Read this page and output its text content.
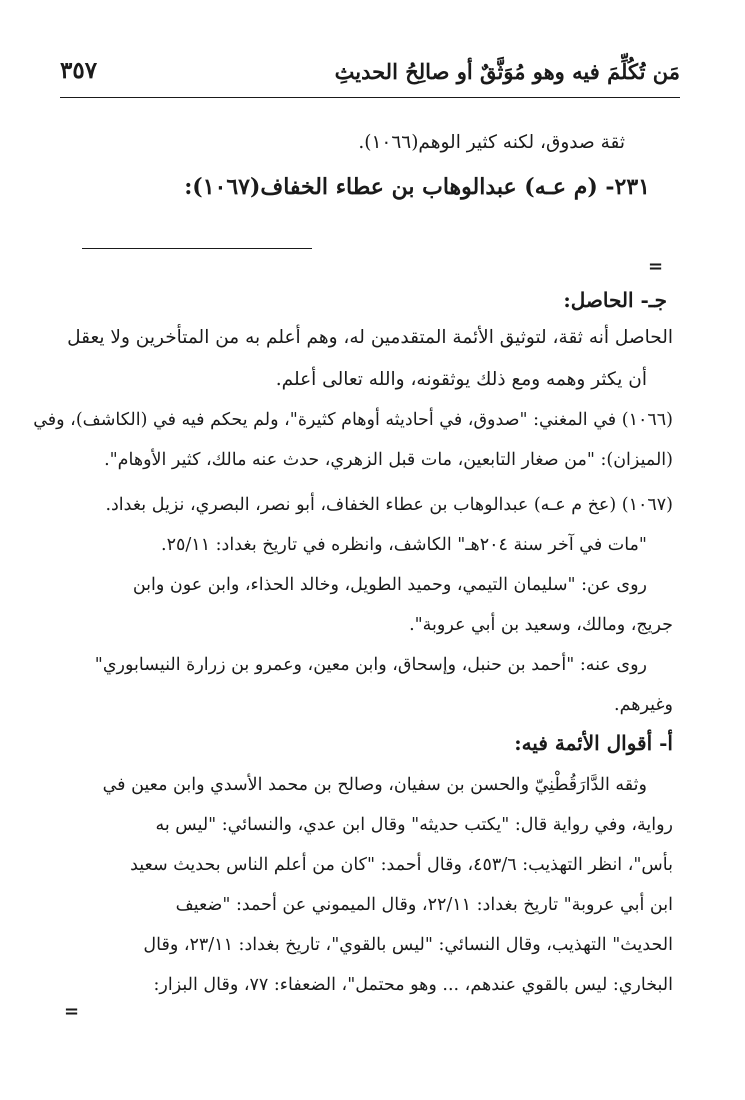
مَن تُكُلِّمَ فيه وهو مُوَثَّقٌ أو صالِحُ الحديثِ
٣٥٧
ثقة صدوق، لكنه كثير الوهم(١٠٦٦).
٢٣١- (م عـه) عبدالوهاب بن عطاء الخفاف(١٠٦٧):
=
جـ- الحاصل:
الحاصل أنه ثقة، لتوثيق الأئمة المتقدمين له، وهم أعلم به من المتأخرين ولا يعقل
أن يكثر وهمه ومع ذلك يوثقونه، والله تعالى أعلم.
(١٠٦٦) في المغني: "صدوق، في أحاديثه أوهام كثيرة"، ولم يحكم فيه في (الكاشف)، وفي
(الميزان): "من صغار التابعين، مات قبل الزهري، حدث عنه مالك، كثير الأوهام".
(١٠٦٧) (عخ م عـه) عبدالوهاب بن عطاء الخفاف، أبو نصر، البصري، نزيل بغداد.
"مات في آخر سنة ٢٠٤هـ" الكاشف، وانظره في تاريخ بغداد: ٢٥/١١.
روى عن: "سليمان التيمي، وحميد الطويل، وخالد الحذاء، وابن عون وابن
جريج، ومالك، وسعيد بن أبي عروبة".
روى عنه: "أحمد بن حنبل، وإسحاق، وابن معين، وعمرو بن زرارة النيسابوري"
وغيرهم.
أ- أقوال الأئمة فيه:
وثقه الدَّارَقُطْنِيّ والحسن بن سفيان، وصالح بن محمد الأسدي وابن معين في
رواية، وفي رواية قال: "يكتب حديثه" وقال ابن عدي، والنسائي: "ليس به
بأس"، انظر التهذيب: ٤٥٣/٦، وقال أحمد: "كان من أعلم الناس بحديث سعيد
ابن أبي عروبة" تاريخ بغداد: ٢٢/١١، وقال الميموني عن أحمد: "ضعيف
الحديث" التهذيب، وقال النسائي: "ليس بالقوي"، تاريخ بغداد: ٢٣/١١، وقال
البخاري: ليس بالقوي عندهم، ... وهو محتمل"، الضعفاء: ٧٧، وقال البزار:
=
